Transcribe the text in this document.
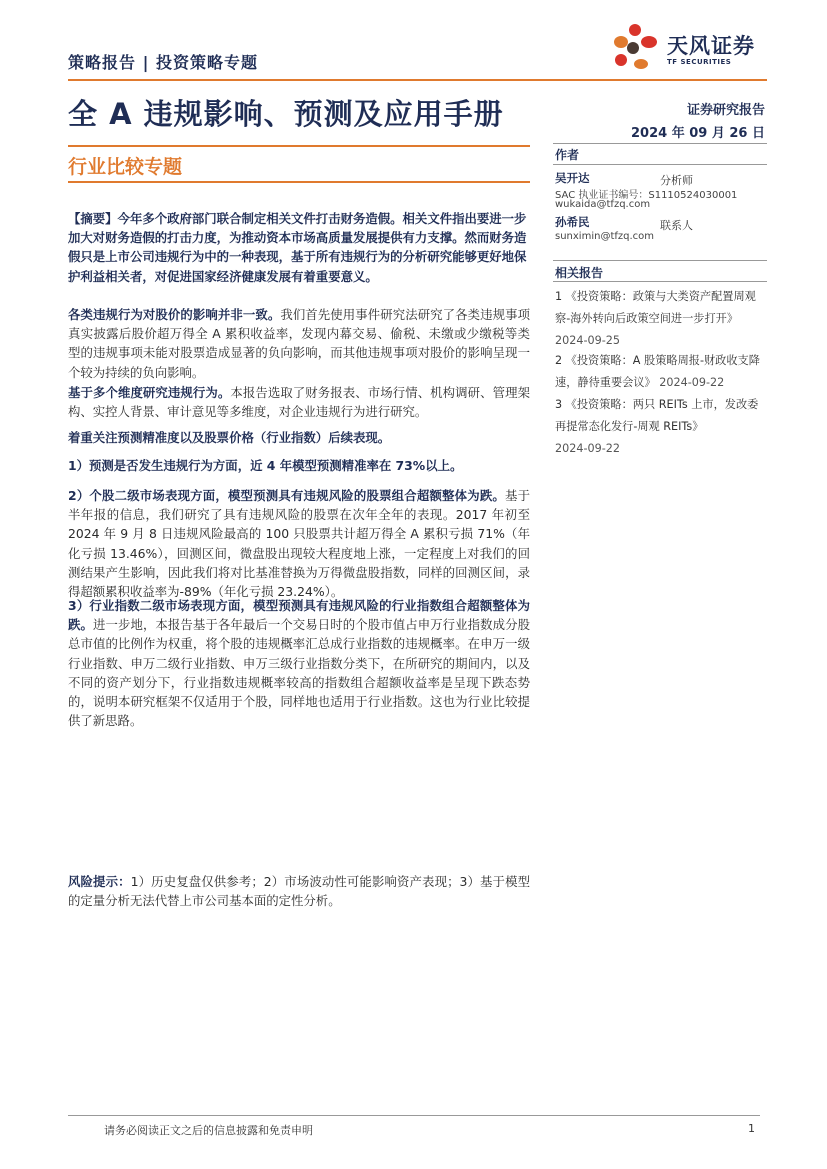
策略报告 | 投资策略专题
天风证券
TF SECURITIES
全 A 违规影响、预测及应用手册
行业比较专题
证券研究报告
2024 年 09 月 26 日
作者
吴开达	分析师
SAC 执业证书编号：S1110524030001
wukaida@tfzq.com
孙希民	联系人
sunximin@tfzq.com
相关报告
1 《投资策略：政策与大类资产配置周观察-海外转向后政策空间进一步打开》
2024-09-25
2 《投资策略：A 股策略周报-财政收支降速，静待重要会议》 2024-09-22
3 《投资策略：两只 REITs 上市，发改委再提常态化发行-周观 REITs》
2024-09-22
【摘要】今年多个政府部门联合制定相关文件打击财务造假。相关文件指出要进一步加大对财务造假的打击力度，为推动资本市场高质量发展提供有力支撑。然而财务造假只是上市公司违规行为中的一种表现，基于所有违规行为的分析研究能够更好地保护利益相关者，对促进国家经济健康发展有着重要意义。
各类违规行为对股价的影响并非一致。我们首先使用事件研究法研究了各类违规事项真实披露后股价超万得全 A 累积收益率，发现内幕交易、偷税、未缴或少缴税等类型的违规事项未能对股票造成显著的负向影响，而其他违规事项对股价的影响呈现一个较为持续的负向影响。
基于多个维度研究违规行为。本报告选取了财务报表、市场行情、机构调研、管理架构、实控人背景、审计意见等多维度，对企业违规行为进行研究。
着重关注预测精准度以及股票价格（行业指数）后续表现。
1）预测是否发生违规行为方面，近 4 年模型预测精准率在 73%以上。
2）个股二级市场表现方面，模型预测具有违规风险的股票组合超额整体为跌。基于半年报的信息，我们研究了具有违规风险的股票在次年全年的表现。2017 年初至 2024 年 9 月 8 日违规风险最高的 100 只股票共计超万得全 A 累积亏损 71%（年化亏损 13.46%），回测区间，微盘股出现较大程度地上涨，一定程度上对我们的回测结果产生影响，因此我们将对比基准替换为万得微盘股指数，同样的回测区间，录得超额累积收益率为-89%（年化亏损 23.24%）。
3）行业指数二级市场表现方面，模型预测具有违规风险的行业指数组合超额整体为跌。进一步地，本报告基于各年最后一个交易日时的个股市值占申万行业指数成分股总市值的比例作为权重，将个股的违规概率汇总成行业指数的违规概率。在申万一级行业指数、申万二级行业指数、申万三级行业指数分类下，在所研究的期间内，以及不同的资产划分下，行业指数违规概率较高的指数组合超额收益率是呈现下跌态势的，说明本研究框架不仅适用于个股，同样地也适用于行业指数。这也为行业比较提供了新思路。
风险提示：1）历史复盘仅供参考；2）市场波动性可能影响资产表现；3）基于模型的定量分析无法代替上市公司基本面的定性分析。
请务必阅读正文之后的信息披露和免责申明	1
